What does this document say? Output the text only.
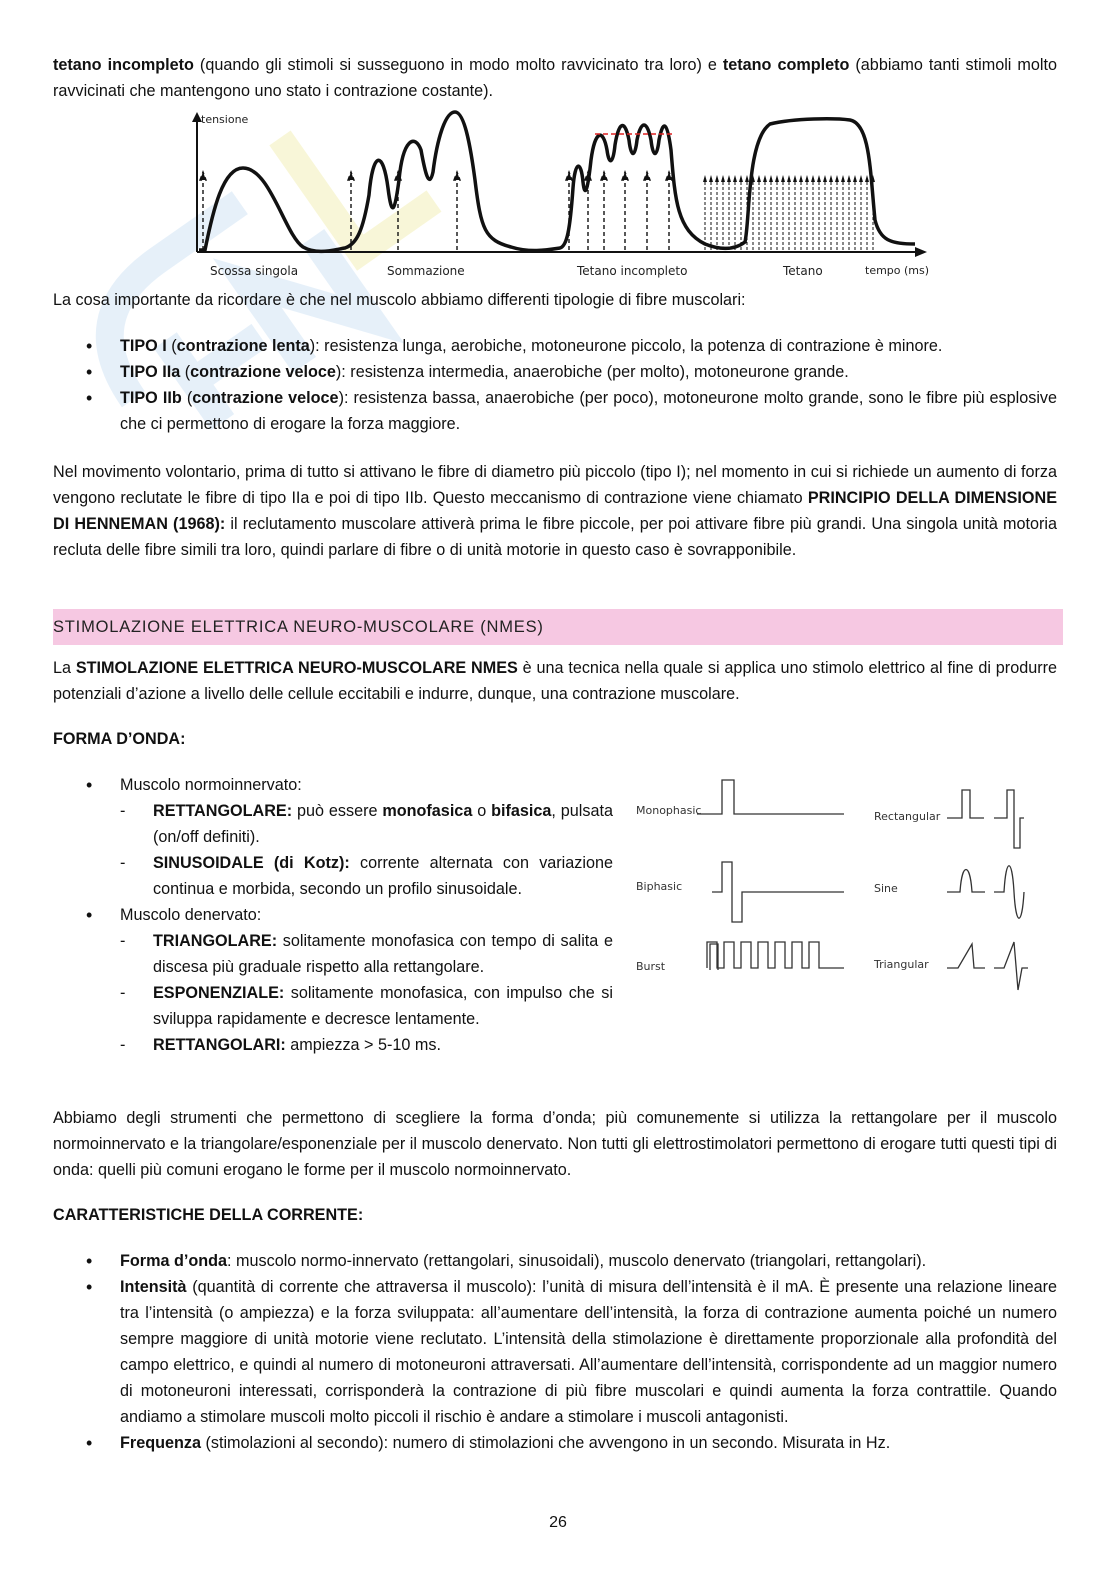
tetano incompleto (quando gli stimoli si susseguono in modo molto ravvicinato tra loro) e tetano completo (abbiamo tanti stimoli molto ravvicinati che mantengono uno stato i contrazione costante).

La cosa importante da ricordare è che nel muscolo abbiamo differenti tipologie di fibre muscolari:

• TIPO I (contrazione lenta): resistenza lunga, aerobiche, motoneurone piccolo, la potenza di contrazione è minore.
• TIPO IIa (contrazione veloce): resistenza intermedia, anaerobiche (per molto), motoneurone grande.
• TIPO IIb (contrazione veloce): resistenza bassa, anaerobiche (per poco), motoneurone molto grande, sono le fibre più esplosive che ci permettono di erogare la forza maggiore.

Nel movimento volontario, prima di tutto si attivano le fibre di diametro più piccolo (tipo I); nel momento in cui si richiede un aumento di forza vengono reclutate le fibre di tipo IIa e poi di tipo IIb. Questo meccanismo di contrazione viene chiamato PRINCIPIO DELLA DIMENSIONE DI HENNEMAN (1968): il reclutamento muscolare attiverà prima le fibre piccole, per poi attivare fibre più grandi. Una singola unità motoria recluta delle fibre simili tra loro, quindi parlare di fibre o di unità motorie in questo caso è sovrapponibile.

STIMOLAZIONE ELETTRICA NEURO-MUSCOLARE (NMES)

La STIMOLAZIONE ELETTRICA NEURO-MUSCOLARE NMES è una tecnica nella quale si applica uno stimolo elettrico al fine di produrre potenziali d’azione a livello delle cellule eccitabili e indurre, dunque, una contrazione muscolare.

FORMA D’ONDA:

• Muscolo normoinnervato:
- RETTANGOLARE: può essere monofasica o bifasica, pulsata (on/off definiti).
- SINUSOIDALE (di Kotz): corrente alternata con variazione continua e morbida, secondo un profilo sinusoidale.
• Muscolo denervato:
- TRIANGOLARE: solitamente monofasica con tempo di salita e discesa più graduale rispetto alla rettangolare.
- ESPONENZIALE: solitamente monofasica, con impulso che si sviluppa rapidamente e decresce lentamente.
- RETTANGOLARI: ampiezza > 5-10 ms.

Abbiamo degli strumenti che permettono di scegliere la forma d’onda; più comunemente si utilizza la rettangolare per il muscolo normoinnervato e la triangolare/esponenziale per il muscolo denervato. Non tutti gli elettrostimolatori permettono di erogare tutti questi tipi di onda: quelli più comuni erogano le forme per il muscolo normoinnervato.

CARATTERISTICHE DELLA CORRENTE:

• Forma d’onda: muscolo normo-innervato (rettangolari, sinusoidali), muscolo denervato (triangolari, rettangolari).
• Intensità (quantità di corrente che attraversa il muscolo): l’unità di misura dell’intensità è il mA. È presente una relazione lineare tra l’intensità (o ampiezza) e la forza sviluppata: all’aumentare dell’intensità, la forza di contrazione aumenta poiché un numero sempre maggiore di unità motorie viene reclutato. L’intensità della stimolazione è direttamente proporzionale alla profondità del campo elettrico, e quindi al numero di motoneuroni attraversati. All’aumentare dell’intensità, corrispondente ad un maggior numero di motoneuroni interessati, corrisponderà la contrazione di più fibre muscolari e quindi aumenta la forza contrattile. Quando andiamo a stimolare muscoli molto piccoli il rischio è andare a stimolare i muscoli antagonisti.
• Frequenza (stimolazioni al secondo): numero di stimolazioni che avvengono in un secondo. Misurata in Hz.
tensione
tempo (ms)
Scossa singola	Sommazione	Tetano incompleto	Tetano
Monophasic
Biphasic
Burst
Rectangular
Sine
Triangular
26
